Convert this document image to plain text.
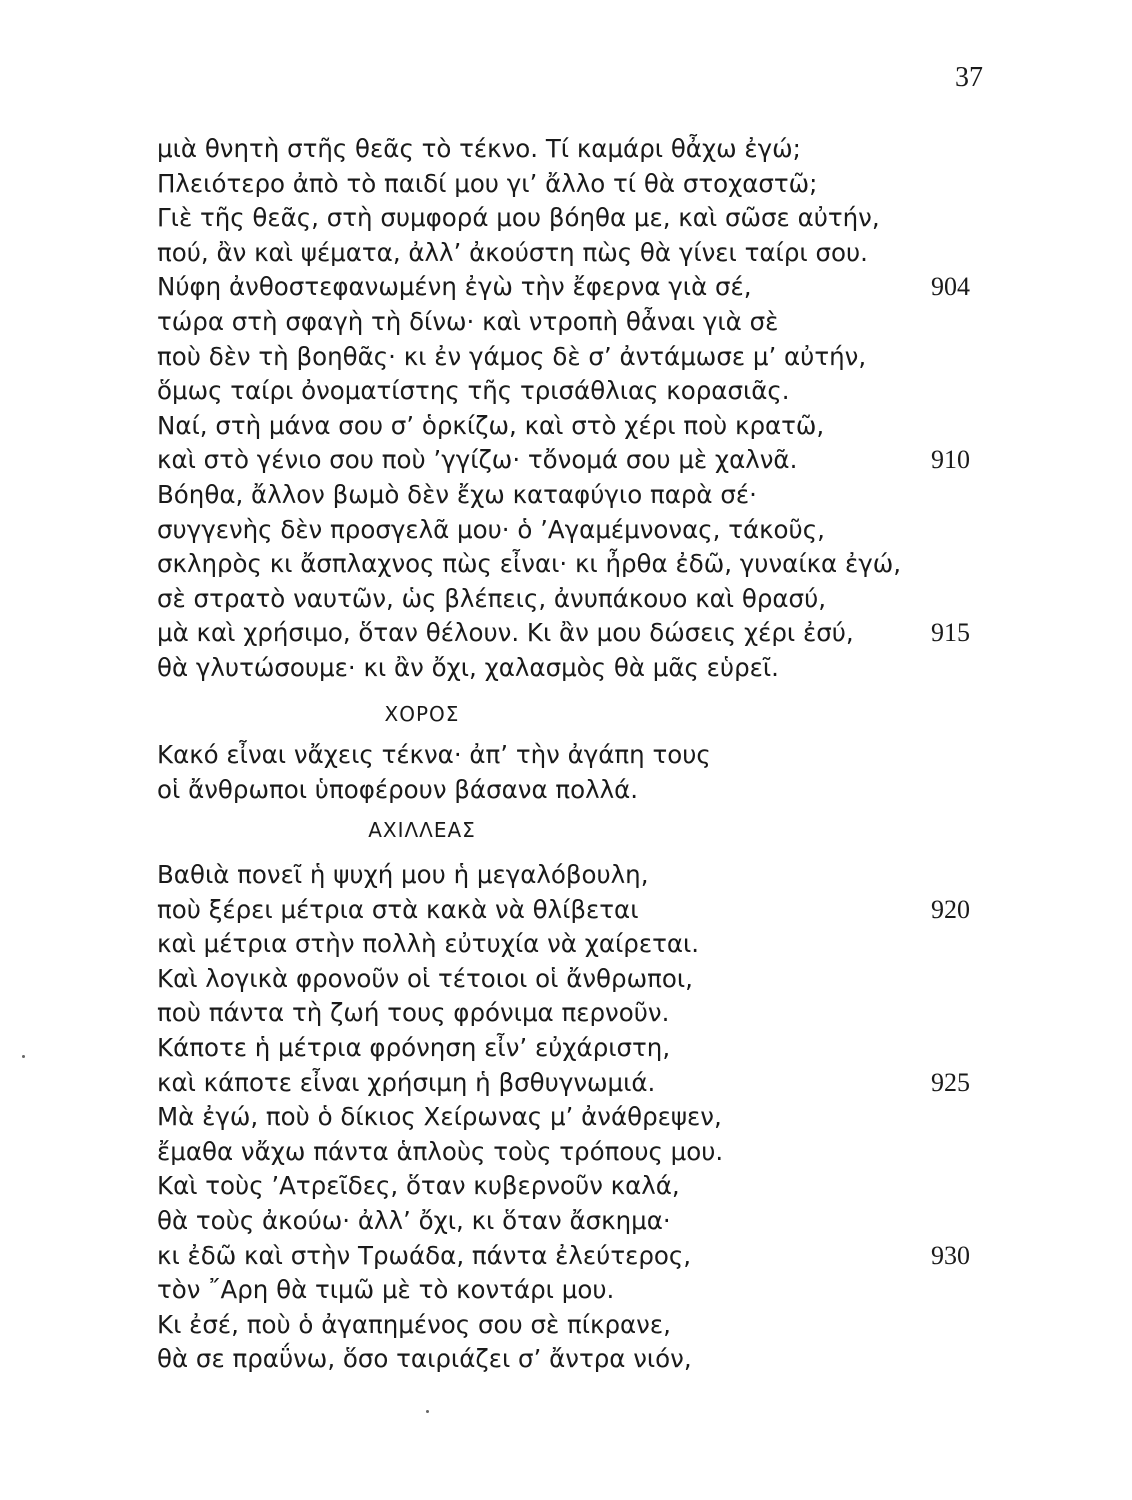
37
μιὰ θνητὴ στῆς θεᾶς τὸ τέκνο. Τί καμάρι θἆχω ἐγώ;
Πλειότερο ἀπὸ τὸ παιδί μου γι’ ἄλλο τί θὰ στοχαστῶ;
Γιὲ τῆς θεᾶς, στὴ συμφορά μου βόηθα με, καὶ σῶσε αὐτήν,
πού, ἂν καὶ ψέματα, ἀλλ’ ἀκούστη πὼς θὰ γίνει ταίρι σου.
Νύφη ἀνθοστεφανωμένη ἐγὼ τὴν ἔφερνα γιὰ σέ,	904
τώρα στὴ σφαγὴ τὴ δίνω· καὶ ντροπὴ θἆναι γιὰ σὲ
ποὺ δὲν τὴ βοηθᾶς· κι ἐν γάμος δὲ σ’ ἀντάμωσε μ’ αὐτήν,
ὅμως ταίρι ὀνοματίστης τῆς τρισάθλιας κορασιᾶς.
Ναί, στὴ μάνα σου σ’ ὁρκίζω, καὶ στὸ χέρι ποὺ κρατῶ,
καὶ στὸ γένιο σου ποὺ ’γγίζω· τὄνομά σου μὲ χαλνᾶ.	910
Βόηθα, ἄλλον βωμὸ δὲν ἔχω καταφύγιο παρὰ σέ·
συγγενὴς δὲν προσγελᾶ μου· ὁ ’Αγαμέμνονας, τάκοῦς,
σκληρὸς κι ἄσπλαχνος πὼς εἶναι· κι ἦρθα ἐδῶ, γυναίκα ἐγώ,
σὲ στρατὸ ναυτῶν, ὡς βλέπεις, ἀνυπάκουο καὶ θρασύ,
μὰ καὶ χρήσιμο, ὅταν θέλουν. Κι ἂν μου δώσεις χέρι ἐσύ,	915
θὰ γλυτώσουμε· κι ἂν ὄχι, χαλασμὸς θὰ μᾶς εὑρεῖ.
ΧΟΡΟΣ
Κακό εἶναι νἄχεις τέκνα· ἀπ’ τὴν ἀγάπη τους
οἱ ἄνθρωποι ὑποφέρουν βάσανα πολλά.
ΑΧΙΛΛΕΑΣ
Βαθιὰ πονεῖ ἡ ψυχή μου ἡ μεγαλόβουλη,
ποὺ ξέρει μέτρια στὰ κακὰ νὰ θλίβεται	920
καὶ μέτρια στὴν πολλὴ εὐτυχία νὰ χαίρεται.
Καὶ λογικὰ φρονοῦν οἱ τέτοιοι οἱ ἄνθρωποι,
ποὺ πάντα τὴ ζωή τους φρόνιμα περνοῦν.
Κάποτε ἡ μέτρια φρόνηση εἶν’ εὐχάριστη,
καὶ κάποτε εἶναι χρήσιμη ἡ βσθυγνωμιά.	925
Μὰ ἐγώ, ποὺ ὁ δίκιος Χείρωνας μ’ ἀνάθρεψεν,
ἔμαθα νἄχω πάντα ἁπλοὺς τοὺς τρόπους μου.
Καὶ τοὺς ’Ατρεῖδες, ὅταν κυβερνοῦν καλά,
θὰ τοὺς ἀκούω· ἀλλ’ ὄχι, κι ὅταν ἄσκημα·
κι ἐδῶ καὶ στὴν Τρωάδα, πάντα ἐλεύτερος,	930
τὸν ῎Αρη θὰ τιμῶ μὲ τὸ κοντάρι μου.
Κι ἐσέ, ποὺ ὁ ἀγαπημένος σου σὲ πίκρανε,
θὰ σε πραΰνω, ὅσο ταιριάζει σ’ ἄντρα νιόν,
